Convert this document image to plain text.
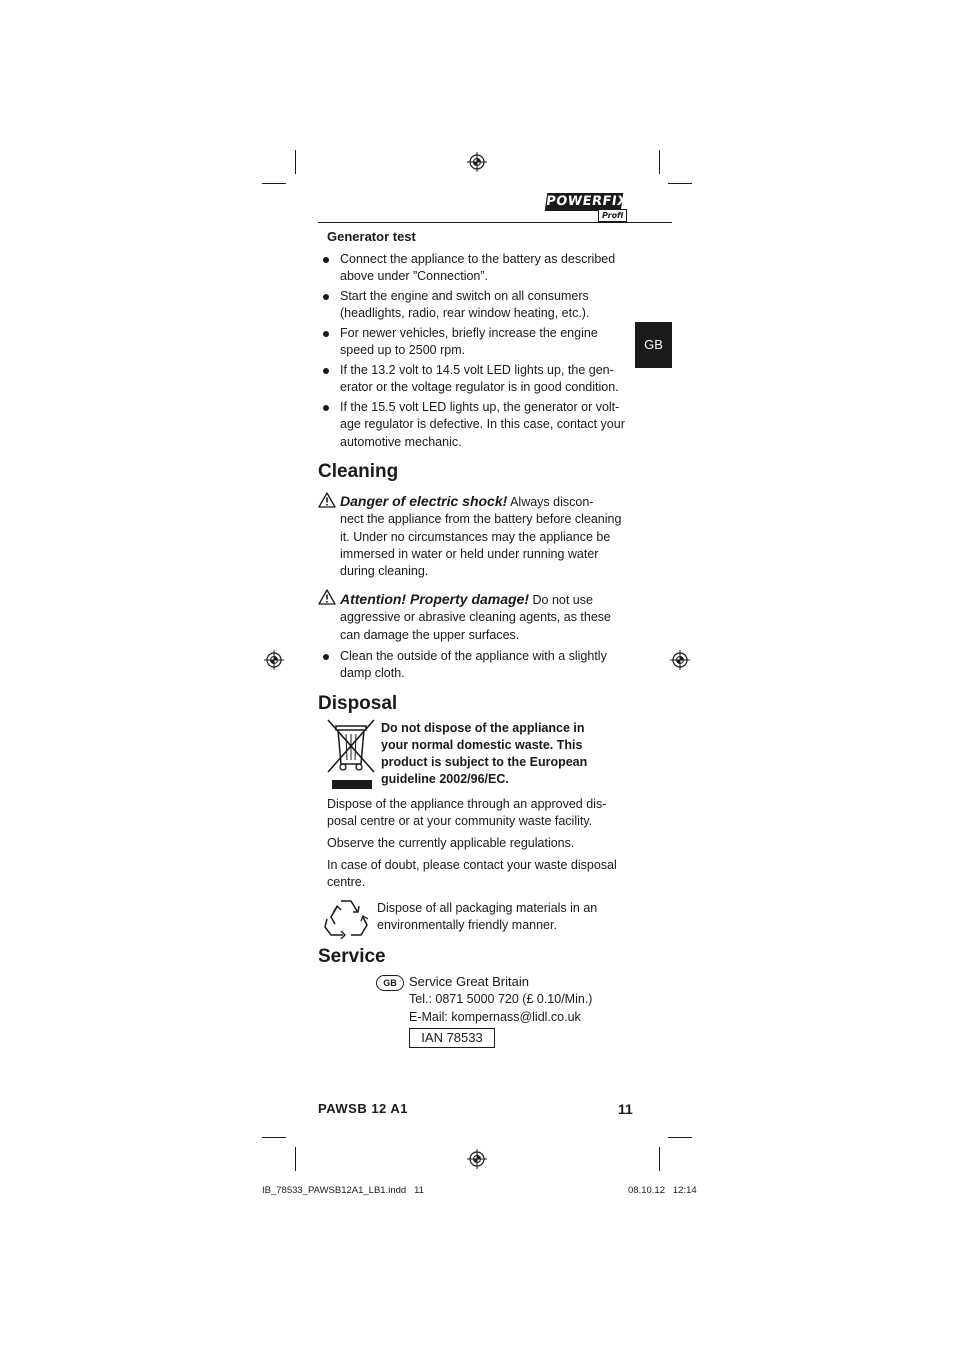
POWERFIX
Profi
GB
Generator test
Connect the appliance to the battery as described
above under ”Connection”.
Start the engine and switch on all consumers
(headlights, radio, rear window heating, etc.).
For newer vehicles, briefly increase the engine
speed up to 2500 rpm.
If the 13.2 volt to 14.5 volt LED lights up, the gen-
erator or the voltage regulator is in good condition.
If the 15.5 volt LED lights up, the generator or volt-
age regulator is defective. In this case, contact your
automotive mechanic.
Cleaning
Danger of electric shock! Always discon-
nect the appliance from the battery before cleaning
it. Under no circumstances may the appliance be
immersed in water or held under running water
during cleaning.
Attention! Property damage! Do not use
aggressive or abrasive cleaning agents, as these
can damage the upper surfaces.
Clean the outside of the appliance with a slightly
damp cloth.
Disposal
Do not dispose of the appliance in
your normal domestic waste. This
product is subject to the European
guideline 2002/96/EC.
Dispose of the appliance through an approved dis-
posal centre or at your community waste facility.
Observe the currently applicable regulations.
In case of doubt, please contact your waste disposal
centre.
Dispose of all packaging materials in an
environmentally friendly manner.
Service
GB Service Great Britain
Tel.: 0871 5000 720 (£ 0.10/Min.)
E-Mail: kompernass@lidl.co.uk
IAN 78533
PAWSB 12 A1	11
IB_78533_PAWSB12A1_LB1.indd   11	08.10.12   12:14
